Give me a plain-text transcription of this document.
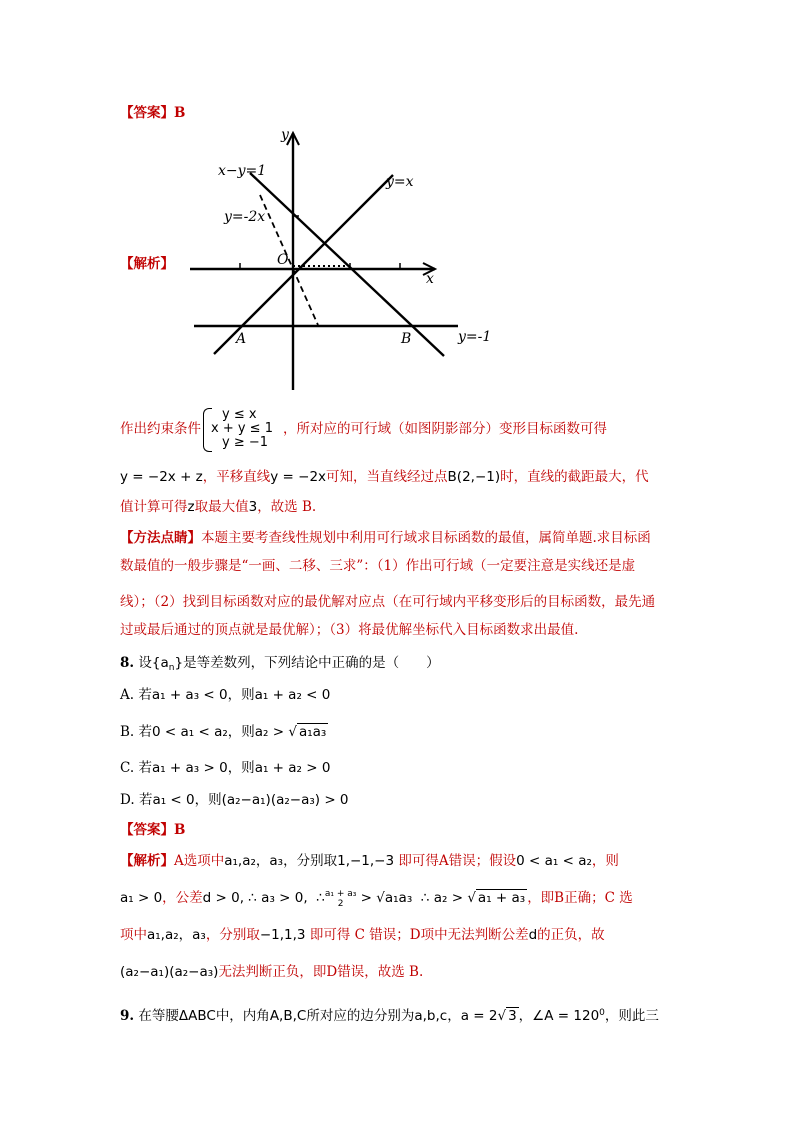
【答案】B
【解析】
y
x
O
x−y=1
y=x
y=-2x
y=-1
A	B
作出约束条件
y ≤ x
x + y ≤ 1
y ≥ −1
，所对应的可行域（如图阴影部分）变形目标函数可得
y = −2x + z，平移直线y = −2x可知，当直线经过点B(2,−1)时，直线的截距最大，代
值计算可得z取最大值3，故选 B.
【方法点睛】本题主要考查线性规划中利用可行域求目标函数的最值，属简单题.求目标函
数最值的一般步骤是“一画、二移、三求”：（1）作出可行域（一定要注意是实线还是虚
线）；（2）找到目标函数对应的最优解对应点（在可行域内平移变形后的目标函数，最先通
过或最后通过的顶点就是最优解）；（3）将最优解坐标代入目标函数求出最值.
8. 设$\{a_n\}$是等差数列，下列结论中正确的是（　　）
A. 若a₁ + a₃ < 0，则a₁ + a₂ < 0
B. 若0 < a₁ < a₂，则a₂ > √ a₁a₃
C. 若a₁ + a₃ > 0，则a₁ + a₂ > 0
D. 若a₁ < 0，则(a₂−a₁)(a₂−a₃) > 0
【答案】B
【解析】A选项中a₁,a₂，a₃，分别取1,−1,−3 即可得A错误；假设0 < a₁ < a₂，则
a₁ > 0，公差d > 0, ∴ a₃ > 0, ∴ a₁ + a₃
2	> √a₁a₃ ∴ a₂ > √ a₁ + a₃ ，即B正确；C 选
项中a₁,a₂，a₃，分别取−1,1,3 即可得 C 错误；D项中无法判断公差d的正负，故
(a₂−a₁)(a₂−a₃)无法判断正负，即D错误，故选 B.
9. 在等腰ΔABC中，内角A,B,C所对应的边分别为a,b,c，a = 2√ 3 ，∠A = $120^0$，则此三
